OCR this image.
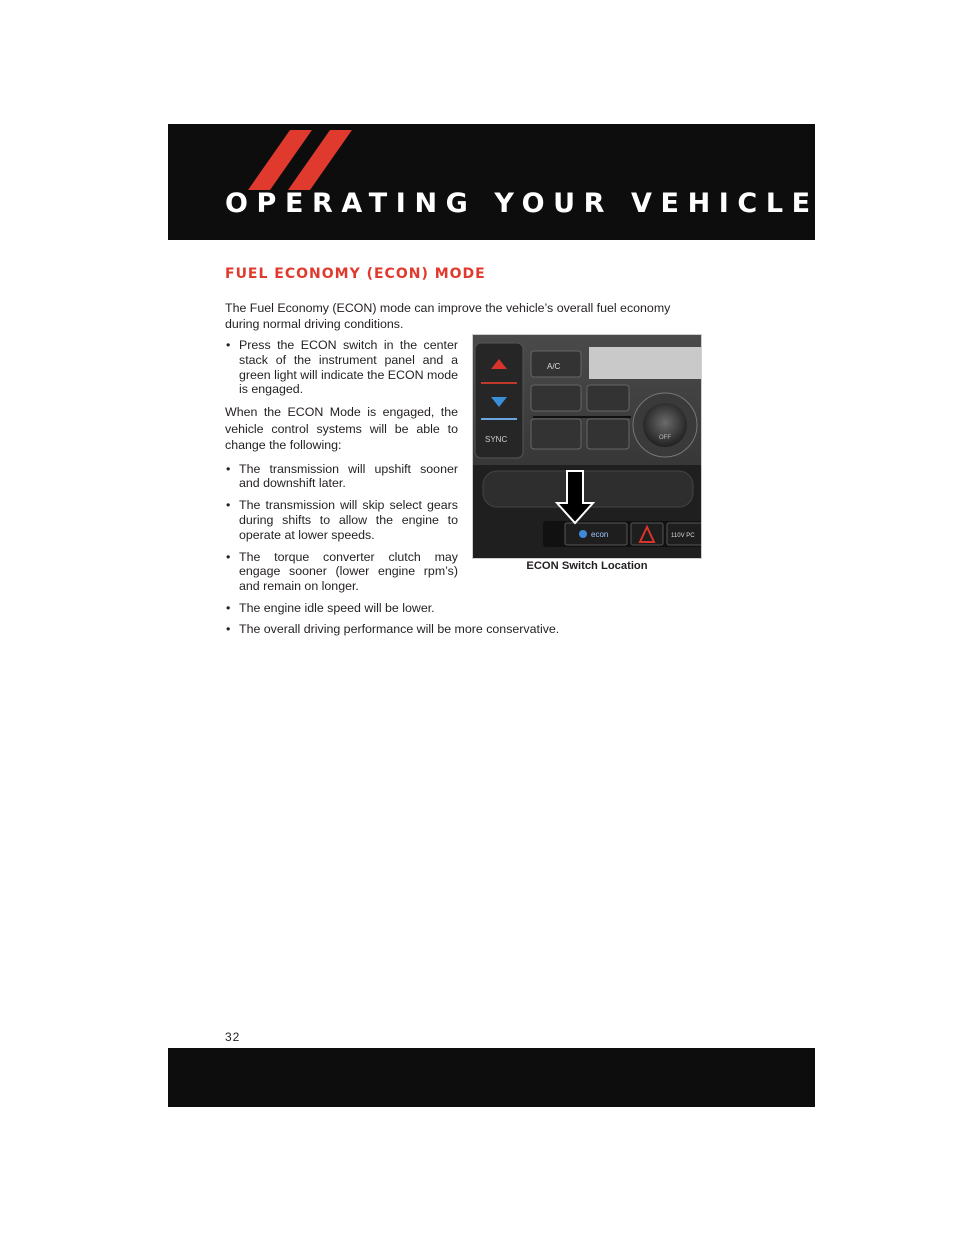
OPERATING YOUR VEHICLE
FUEL ECONOMY (ECON) MODE

The Fuel Economy (ECON) mode can improve the vehicle’s overall fuel economy during normal driving conditions.

• Press the ECON switch in the center stack of the instrument panel and a green light will indicate the ECON mode is engaged.

When the ECON Mode is engaged, the vehicle control systems will be able to change the following:

• The transmission will upshift sooner and downshift later.
• The transmission will skip select gears during shifts to allow the engine to operate at lower speeds.
• The torque converter clutch may engage sooner (lower engine rpm’s) and remain on longer.
• The engine idle speed will be lower.
• The overall driving performance will be more conservative.
SYNC
A/C
OFF
econ	110V PC

ECON Switch Location

32
